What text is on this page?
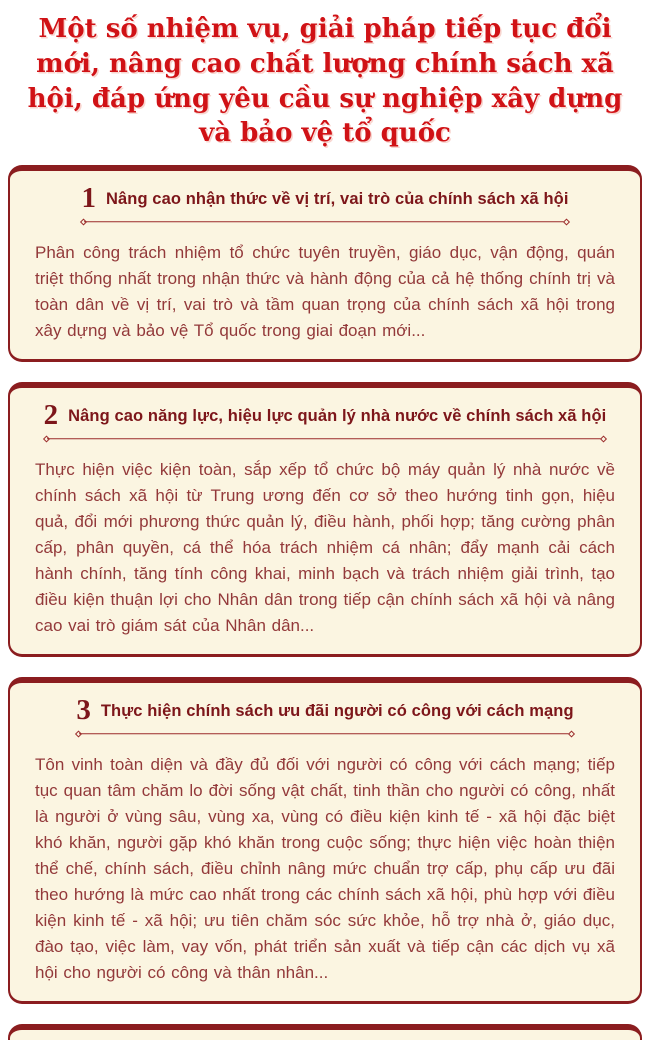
Một số nhiệm vụ, giải pháp tiếp tục đổi mới, nâng cao chất lượng chính sách xã hội, đáp ứng yêu cầu sự nghiệp xây dựng và bảo vệ tổ quốc
1 Nâng cao nhận thức về vị trí, vai trò của chính sách xã hội

Phân công trách nhiệm tổ chức tuyên truyền, giáo dục, vận động, quán triệt thống nhất trong nhận thức và hành động của cả hệ thống chính trị và toàn dân về vị trí, vai trò và tầm quan trọng của chính sách xã hội trong xây dựng và bảo vệ Tổ quốc trong giai đoạn mới...

2 Nâng cao năng lực, hiệu lực quản lý nhà nước về chính sách xã hội

Thực hiện việc kiện toàn, sắp xếp tổ chức bộ máy quản lý nhà nước về chính sách xã hội từ Trung ương đến cơ sở theo hướng tinh gọn, hiệu quả, đổi mới phương thức quản lý, điều hành, phối hợp; tăng cường phân cấp, phân quyền, cá thể hóa trách nhiệm cá nhân; đẩy mạnh cải cách hành chính, tăng tính công khai, minh bạch và trách nhiệm giải trình, tạo điều kiện thuận lợi cho Nhân dân trong tiếp cận chính sách xã hội và nâng cao vai trò giám sát của Nhân dân...

3 Thực hiện chính sách ưu đãi người có công với cách mạng

Tôn vinh toàn diện và đầy đủ đối với người có công với cách mạng; tiếp tục quan tâm chăm lo đời sống vật chất, tinh thần cho người có công, nhất là người ở vùng sâu, vùng xa, vùng có điều kiện kinh tế - xã hội đặc biệt khó khăn, người gặp khó khăn trong cuộc sống; thực hiện việc hoàn thiện thể chế, chính sách, điều chỉnh nâng mức chuẩn trợ cấp, phụ cấp ưu đãi theo hướng là mức cao nhất trong các chính sách xã hội, phù hợp với điều kiện kinh tế - xã hội; ưu tiên chăm sóc sức khỏe, hỗ trợ nhà ở, giáo dục, đào tạo, việc làm, vay vốn, phát triển sản xuất và tiếp cận các dịch vụ xã hội cho người có công và thân nhân...
